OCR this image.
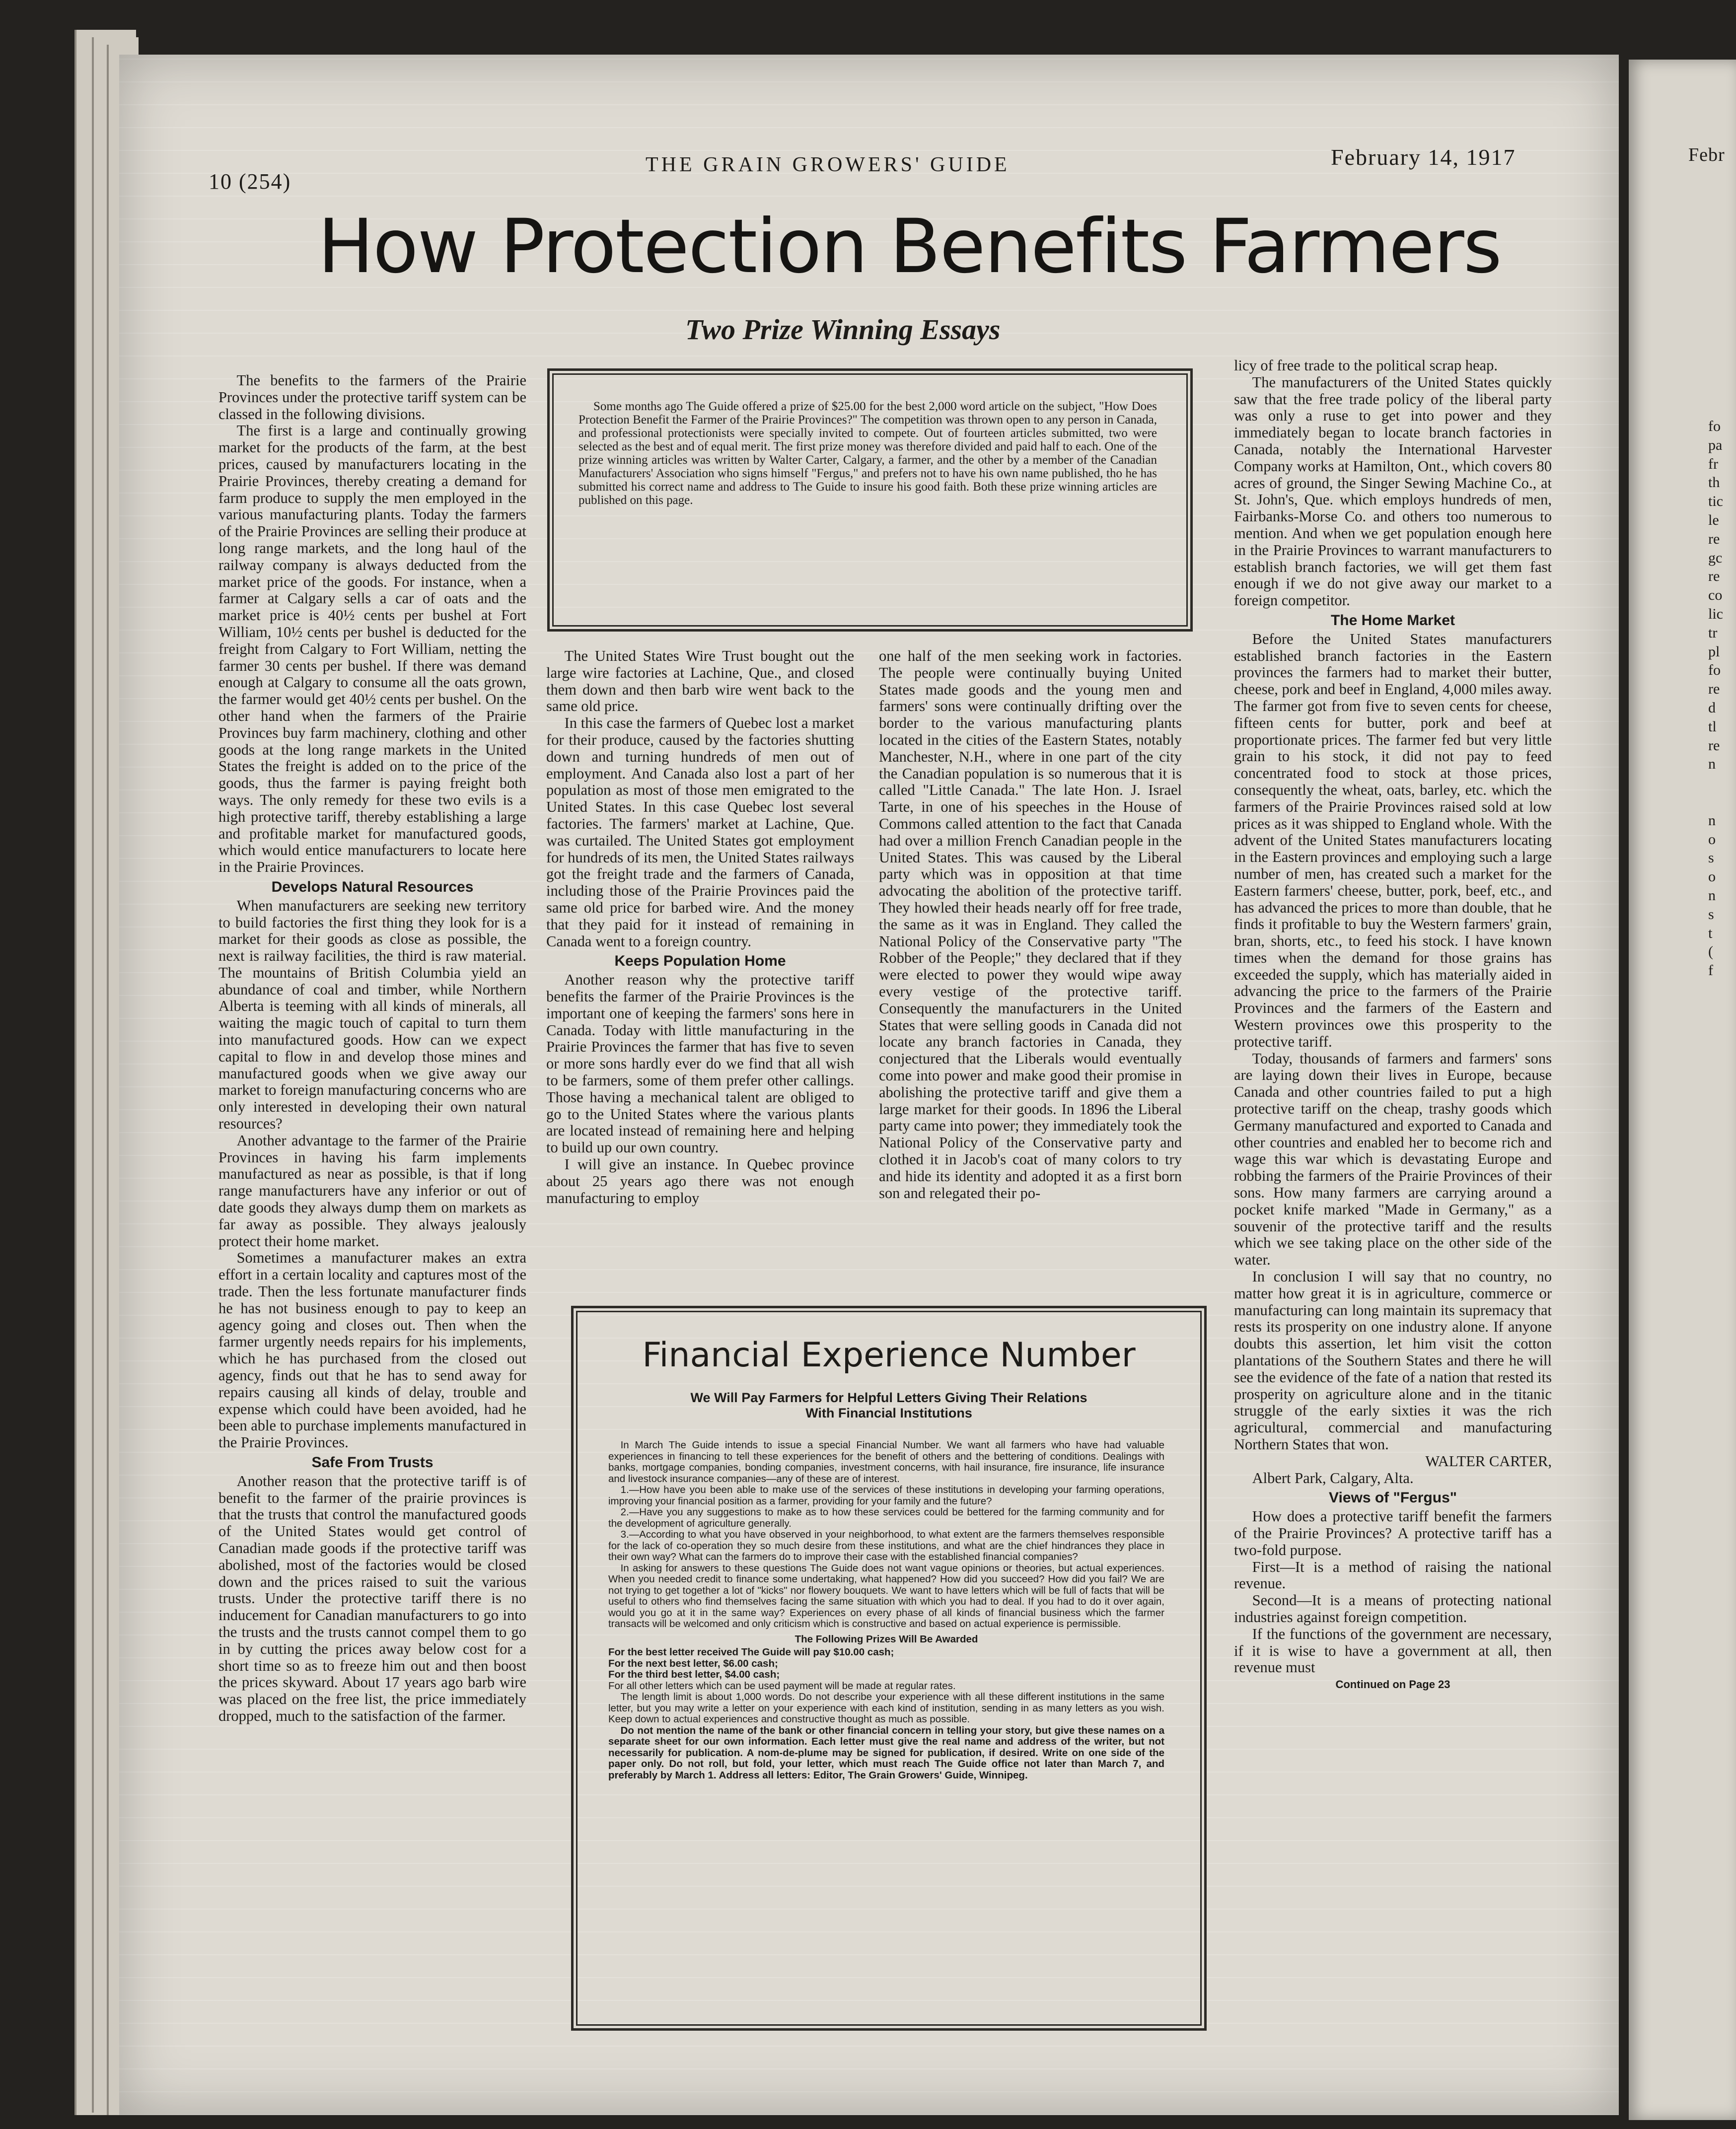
Febr
fo
pa
fr
th
tic
le
re
gc
re
co
lic
tr
pl
fo
re
d
tl
re
n

n
o
s
o
n
s
t
(
f
10 (254)
THE GRAIN GROWERS' GUIDE	February 14, 1917
How Protection Benefits Farmers
Two Prize Winning Essays

The benefits to the farmers of the Prairie Provinces under the protective tariff system can be classed in the following divisions.

The first is a large and continually growing market for the products of the farm, at the best prices, caused by manufacturers locating in the Prairie Provinces, thereby creating a demand for farm produce to supply the men employed in the various manufacturing plants. Today the farmers of the Prairie Provinces are selling their produce at long range markets, and the long haul of the railway company is always deducted from the market price of the goods. For instance, when a farmer at Calgary sells a car of oats and the market price is 40½ cents per bushel at Fort William, 10½ cents per bushel is deducted for the freight from Calgary to Fort William, netting the farmer 30 cents per bushel. If there was demand enough at Calgary to consume all the oats grown, the farmer would get 40½ cents per bushel. On the other hand when the farmers of the Prairie Provinces buy farm machinery, clothing and other goods at the long range markets in the United States the freight is added on to the price of the goods, thus the farmer is paying freight both ways. The only remedy for these two evils is a high protective tariff, thereby establishing a large and profitable market for manufactured goods, which would entice manufacturers to locate here in the Prairie Provinces.

Develops Natural Resources

When manufacturers are seeking new territory to build factories the first thing they look for is a market for their goods as close as possible, the next is railway facilities, the third is raw material. The mountains of British Columbia yield an abundance of coal and timber, while Northern Alberta is teeming with all kinds of minerals, all waiting the magic touch of capital to turn them into manufactured goods. How can we expect capital to flow in and develop those mines and manufactured goods when we give away our market to foreign manufacturing concerns who are only interested in developing their own natural resources?

Another advantage to the farmer of the Prairie Provinces in having his farm implements manufactured as near as possible, is that if long range manufacturers have any inferior or out of date goods they always dump them on markets as far away as possible. They always jealously protect their home market.

Sometimes a manufacturer makes an extra effort in a certain locality and captures most of the trade. Then the less fortunate manufacturer finds he has not business enough to pay to keep an agency going and closes out. Then when the farmer urgently needs repairs for his implements, which he has purchased from the closed out agency, finds out that he has to send away for repairs causing all kinds of delay, trouble and expense which could have been avoided, had he been able to purchase implements manufactured in the Prairie Provinces.

Safe From Trusts

Another reason that the protective tariff is of benefit to the farmer of the prairie provinces is that the trusts that control the manufactured goods of the United States would get control of Canadian made goods if the protective tariff was abolished, most of the factories would be closed down and the prices raised to suit the various trusts. Under the protective tariff there is no inducement for Canadian manufacturers to go into the trusts and the trusts cannot compel them to go in by cutting the prices away below cost for a short time so as to freeze him out and then boost the prices skyward. About 17 years ago barb wire was placed on the free list, the price immediately dropped, much to the satisfaction of the farmer.

Some months ago The Guide offered a prize of $25.00 for the best 2,000 word article on the subject, "How Does Protection Benefit the Farmer of the Prairie Provinces?" The competition was thrown open to any person in Canada, and professional protectionists were specially invited to compete. Out of fourteen articles submitted, two were selected as the best and of equal merit. The first prize money was therefore divided and paid half to each. One of the prize winning articles was written by Walter Carter, Calgary, a farmer, and the other by a member of the Canadian Manufacturers' Association who signs himself "Fergus," and prefers not to have his own name published, tho he has submitted his correct name and address to The Guide to insure his good faith. Both these prize winning articles are published on this page.

The United States Wire Trust bought out the large wire factories at Lachine, Que., and closed them down and then barb wire went back to the same old price.

In this case the farmers of Quebec lost a market for their produce, caused by the factories shutting down and turning hundreds of men out of employment. And Canada also lost a part of her population as most of those men emigrated to the United States. In this case Quebec lost several factories. The farmers' market at Lachine, Que. was curtailed. The United States got employment for hundreds of its men, the United States railways got the freight trade and the farmers of Canada, including those of the Prairie Provinces paid the same old price for barbed wire. And the money that they paid for it instead of remaining in Canada went to a foreign country.

Keeps Population Home

Another reason why the protective tariff benefits the farmer of the Prairie Provinces is the important one of keeping the farmers' sons here in Canada. Today with little manufacturing in the Prairie Provinces the farmer that has five to seven or more sons hardly ever do we find that all wish to be farmers, some of them prefer other callings. Those having a mechanical talent are obliged to go to the United States where the various plants are located instead of remaining here and helping to build up our own country.

I will give an instance. In Quebec province about 25 years ago there was not enough manufacturing to employ

one half of the men seeking work in factories. The people were continually buying United States made goods and the young men and farmers' sons were continually drifting over the border to the various manufacturing plants located in the cities of the Eastern States, notably Manchester, N.H., where in one part of the city the Canadian population is so numerous that it is called "Little Canada." The late Hon. J. Israel Tarte, in one of his speeches in the House of Commons called attention to the fact that Canada had over a million French Canadian people in the United States. This was caused by the Liberal party which was in opposition at that time advocating the abolition of the protective tariff. They howled their heads nearly off for free trade, the same as it was in England. They called the National Policy of the Conservative party "The Robber of the People;" they declared that if they were elected to power they would wipe away every vestige of the protective tariff. Consequently the manufacturers in the United States that were selling goods in Canada did not locate any branch factories in Canada, they conjectured that the Liberals would eventually come into power and make good their promise in abolishing the protective tariff and give them a large market for their goods. In 1896 the Liberal party came into power; they immediately took the National Policy of the Conservative party and clothed it in Jacob's coat of many colors to try and hide its identity and adopted it as a first born son and relegated their po-

Financial Experience Number
We Will Pay Farmers for Helpful Letters Giving Their Relations With Financial Institutions

In March The Guide intends to issue a special Financial Number. We want all farmers who have had valuable experiences in financing to tell these experiences for the benefit of others and the bettering of conditions. Dealings with banks, mortgage companies, bonding companies, investment concerns, with hail insurance, fire insurance, life insurance and livestock insurance companies—any of these are of interest.

1.—How have you been able to make use of the services of these institutions in developing your farming operations, improving your financial position as a farmer, providing for your family and the future?

2.—Have you any suggestions to make as to how these services could be bettered for the farming community and for the development of agriculture generally.

3.—According to what you have observed in your neighborhood, to what extent are the farmers themselves responsible for the lack of co-operation they so much desire from these institutions, and what are the chief hindrances they place in their own way? What can the farmers do to improve their case with the established financial companies?

In asking for answers to these questions The Guide does not want vague opinions or theories, but actual experiences. When you needed credit to finance some undertaking, what happened? How did you succeed? How did you fail? We are not trying to get together a lot of "kicks" nor flowery bouquets. We want to have letters which will be full of facts that will be useful to others who find themselves facing the same situation with which you had to deal. If you had to do it over again, would you go at it in the same way? Experiences on every phase of all kinds of financial business which the farmer transacts will be welcomed and only criticism which is constructive and based on actual experience is permissible.

The Following Prizes Will Be Awarded

For the best letter received The Guide will pay $10.00 cash;

For the next best letter, $6.00 cash;

For the third best letter, $4.00 cash;

For all other letters which can be used payment will be made at regular rates.

The length limit is about 1,000 words. Do not describe your experience with all these different institutions in the same letter, but you may write a letter on your experience with each kind of institution, sending in as many letters as you wish. Keep down to actual experiences and constructive thought as much as possible.

Do not mention the name of the bank or other financial concern in telling your story, but give these names on a separate sheet for our own information. Each letter must give the real name and address of the writer, but not necessarily for publication. A nom-de-plume may be signed for publication, if desired. Write on one side of the paper only. Do not roll, but fold, your letter, which must reach The Guide office not later than March 7, and preferably by March 1. Address all letters: Editor, The Grain Growers' Guide, Winnipeg.

licy of free trade to the political scrap heap.

The manufacturers of the United States quickly saw that the free trade policy of the liberal party was only a ruse to get into power and they immediately began to locate branch factories in Canada, notably the International Harvester Company works at Hamilton, Ont., which covers 80 acres of ground, the Singer Sewing Machine Co., at St. John's, Que. which employs hundreds of men, Fairbanks-Morse Co. and others too numerous to mention. And when we get population enough here in the Prairie Provinces to warrant manufacturers to establish branch factories, we will get them fast enough if we do not give away our market to a foreign competitor.

The Home Market

Before the United States manufacturers established branch factories in the Eastern provinces the farmers had to market their butter, cheese, pork and beef in England, 4,000 miles away. The farmer got from five to seven cents for cheese, fifteen cents for butter, pork and beef at proportionate prices. The farmer fed but very little grain to his stock, it did not pay to feed concentrated food to stock at those prices, consequently the wheat, oats, barley, etc. which the farmers of the Prairie Provinces raised sold at low prices as it was shipped to England whole. With the advent of the United States manufacturers locating in the Eastern provinces and employing such a large number of men, has created such a market for the Eastern farmers' cheese, butter, pork, beef, etc., and has advanced the prices to more than double, that he finds it profitable to buy the Western farmers' grain, bran, shorts, etc., to feed his stock. I have known times when the demand for those grains has exceeded the supply, which has materially aided in advancing the price to the farmers of the Prairie Provinces and the farmers of the Eastern and Western provinces owe this prosperity to the protective tariff.

Today, thousands of farmers and farmers' sons are laying down their lives in Europe, because Canada and other countries failed to put a high protective tariff on the cheap, trashy goods which Germany manufactured and exported to Canada and other countries and enabled her to become rich and wage this war which is devastating Europe and robbing the farmers of the Prairie Provinces of their sons. How many farmers are carrying around a pocket knife marked "Made in Germany," as a souvenir of the protective tariff and the results which we see taking place on the other side of the water.

In conclusion I will say that no country, no matter how great it is in agriculture, commerce or manufacturing can long maintain its supremacy that rests its prosperity on one industry alone. If anyone doubts this assertion, let him visit the cotton plantations of the Southern States and there he will see the evidence of the fate of a nation that rested its prosperity on agriculture alone and in the titanic struggle of the early sixties it was the rich agricultural, commercial and manufacturing Northern States that won.

WALTER CARTER,

Albert Park, Calgary, Alta.

Views of "Fergus"

How does a protective tariff benefit the farmers of the Prairie Provinces? A protective tariff has a two-fold purpose.

First—It is a method of raising the national revenue.

Second—It is a means of protecting national industries against foreign competition.

If the functions of the government are necessary, if it is wise to have a government at all, then revenue must

Continued on Page 23
